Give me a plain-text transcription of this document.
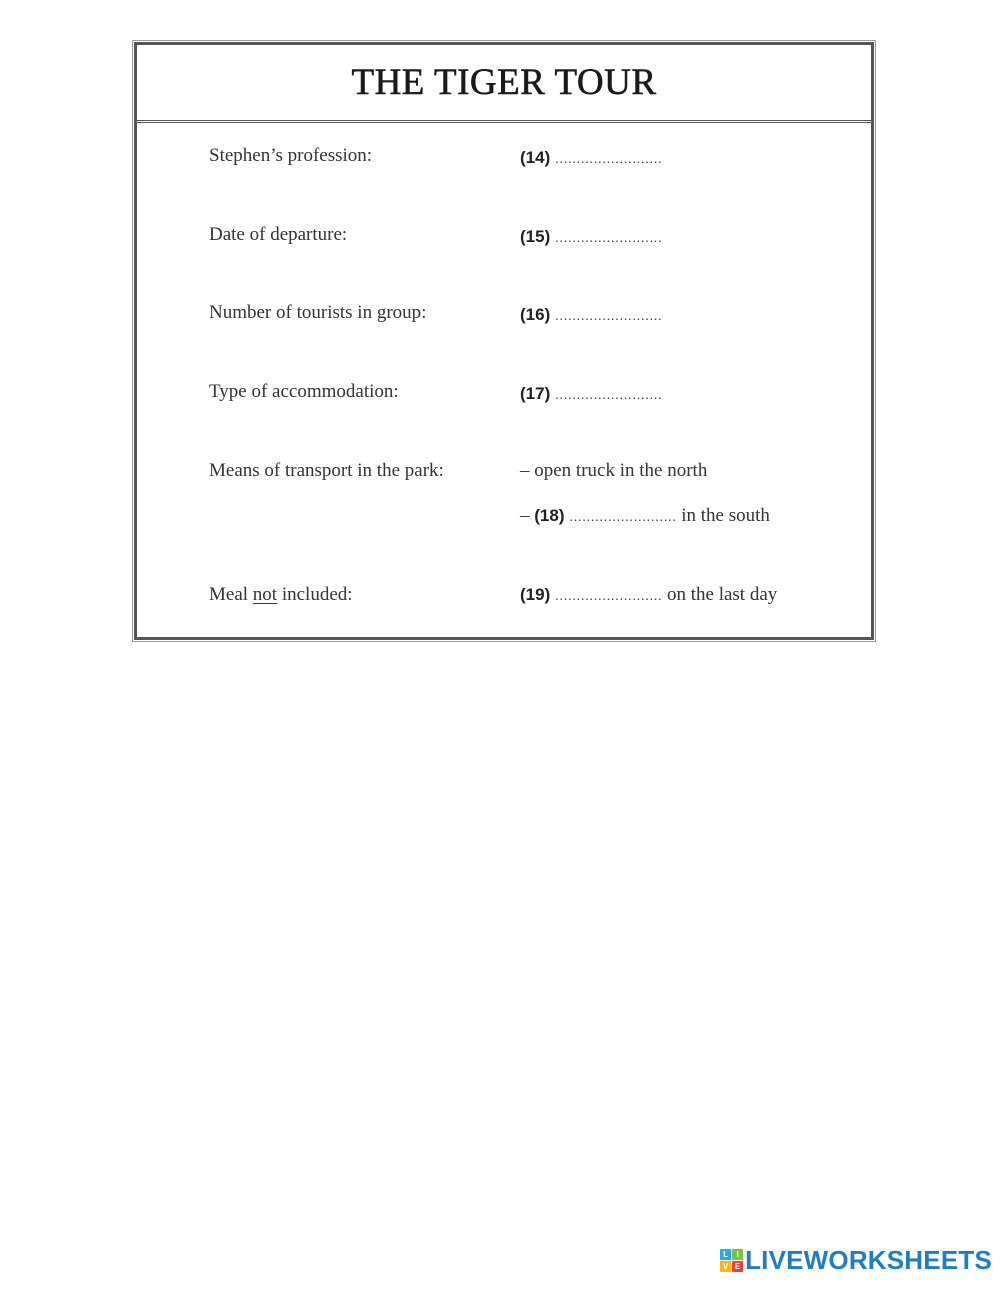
THE TIGER TOUR
Stephen’s profession:	(14) .........................
Date of departure:	(15) .........................
Number of tourists in group:	(16) .........................
Type of accommodation:	(17) .........................
Means of transport in the park:	– open truck in the north
– (18) ......................... in the south
Meal not included:	(19) ......................... on the last day
L	I
V E LIVEWORKSHEETS
